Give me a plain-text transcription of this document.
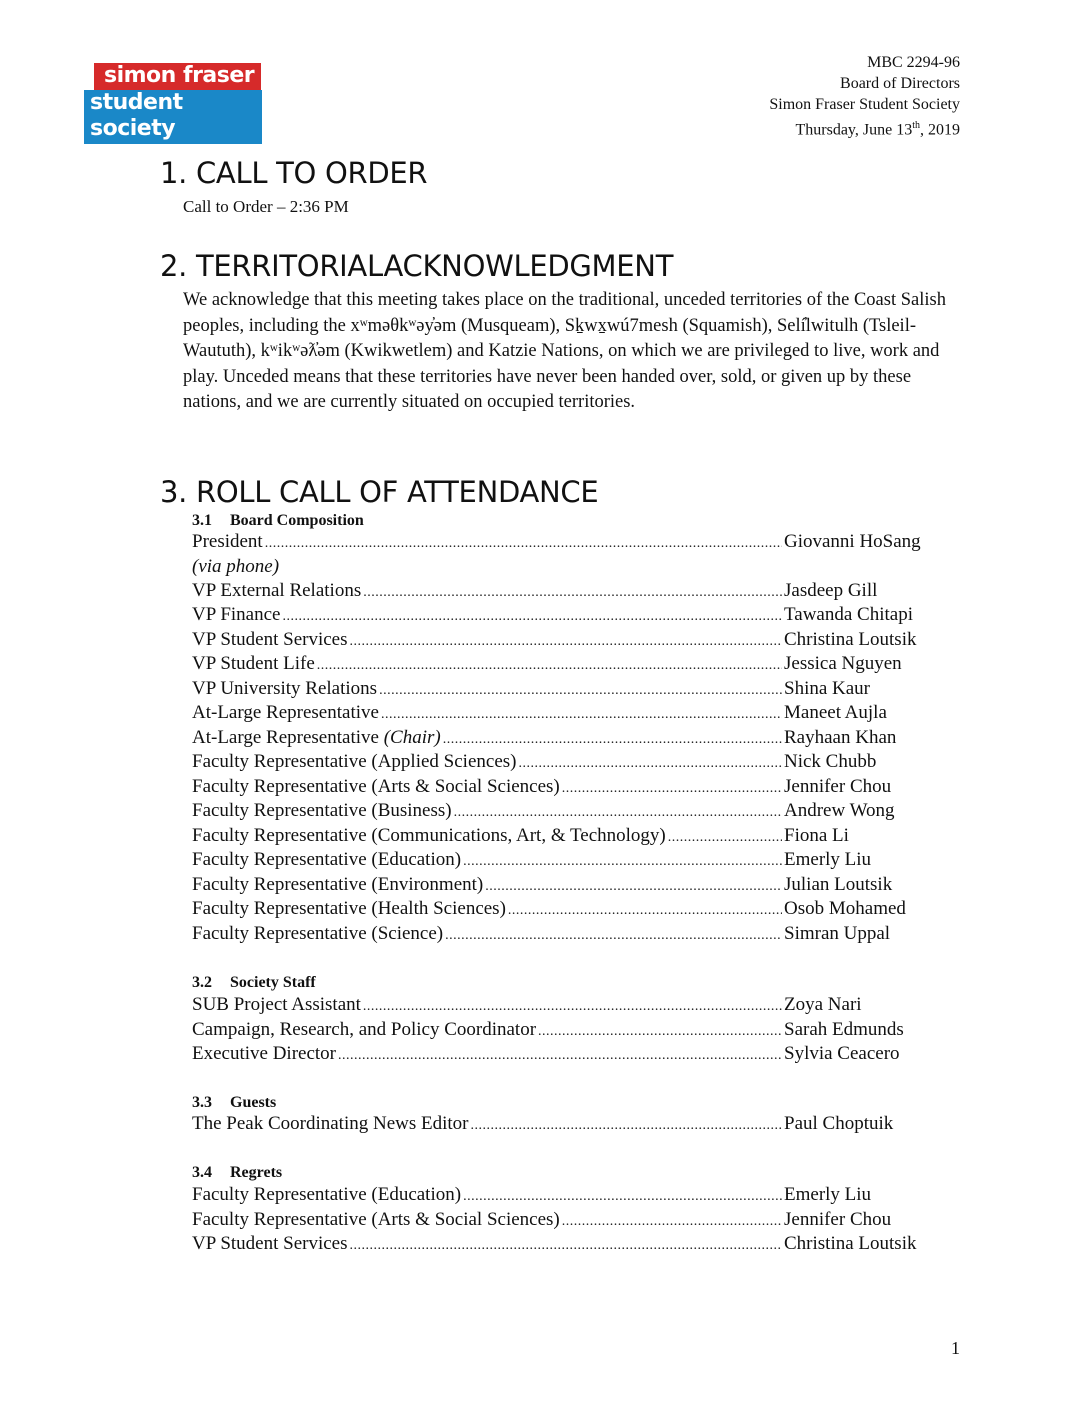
simon fraser
student society
MBC 2294-96
Board of Directors
Simon Fraser Student Society
Thursday, June 13th, 2019
1. CALL TO ORDER
Call to Order – 2:36 PM
2. TERRITORIALACKNOWLEDGMENT
We acknowledge that this meeting takes place on the traditional, unceded territories of the Coast Salish peoples, including the xʷməθkʷəy̓əm (Musqueam), Sḵwx̱wú7mesh (Squamish), Selí̓lwitulh (Tsleil-Waututh), kʷikʷəƛ̓əm (Kwikwetlem) and Katzie Nations, on which we are privileged to live, work and play. Unceded means that these territories have never been handed over, sold, or given up by these nations, and we are currently situated on occupied territories.
3. ROLL CALL OF ATTENDANCE
3.1 Board Composition
President .....	Giovanni HoSang
(via phone)
VP External Relations .....	Jasdeep Gill
VP Finance .....	Tawanda Chitapi
VP Student Services .....	Christina Loutsik
VP Student Life .....	Jessica Nguyen
VP University Relations .....	Shina Kaur
At-Large Representative .....	Maneet Aujla
At-Large Representative (Chair) .....	Rayhaan Khan
Faculty Representative (Applied Sciences) .....	Nick Chubb
Faculty Representative (Arts & Social Sciences) .....	Jennifer Chou
Faculty Representative (Business) .....	Andrew Wong
Faculty Representative (Communications, Art, & Technology) .....	Fiona Li
Faculty Representative (Education) .....	Emerly Liu
Faculty Representative (Environment) .....	Julian Loutsik
Faculty Representative (Health Sciences) .....	Osob Mohamed
Faculty Representative (Science) .....	Simran Uppal
3.2 Society Staff
SUB Project Assistant .....	Zoya Nari
Campaign, Research, and Policy Coordinator .....	Sarah Edmunds
Executive Director .....	Sylvia Ceacero
3.3 Guests
The Peak Coordinating News Editor .....	Paul Choptuik
3.4 Regrets
Faculty Representative (Education) .....	Emerly Liu
Faculty Representative (Arts & Social Sciences) .....	Jennifer Chou
VP Student Services .....	Christina Loutsik
1
